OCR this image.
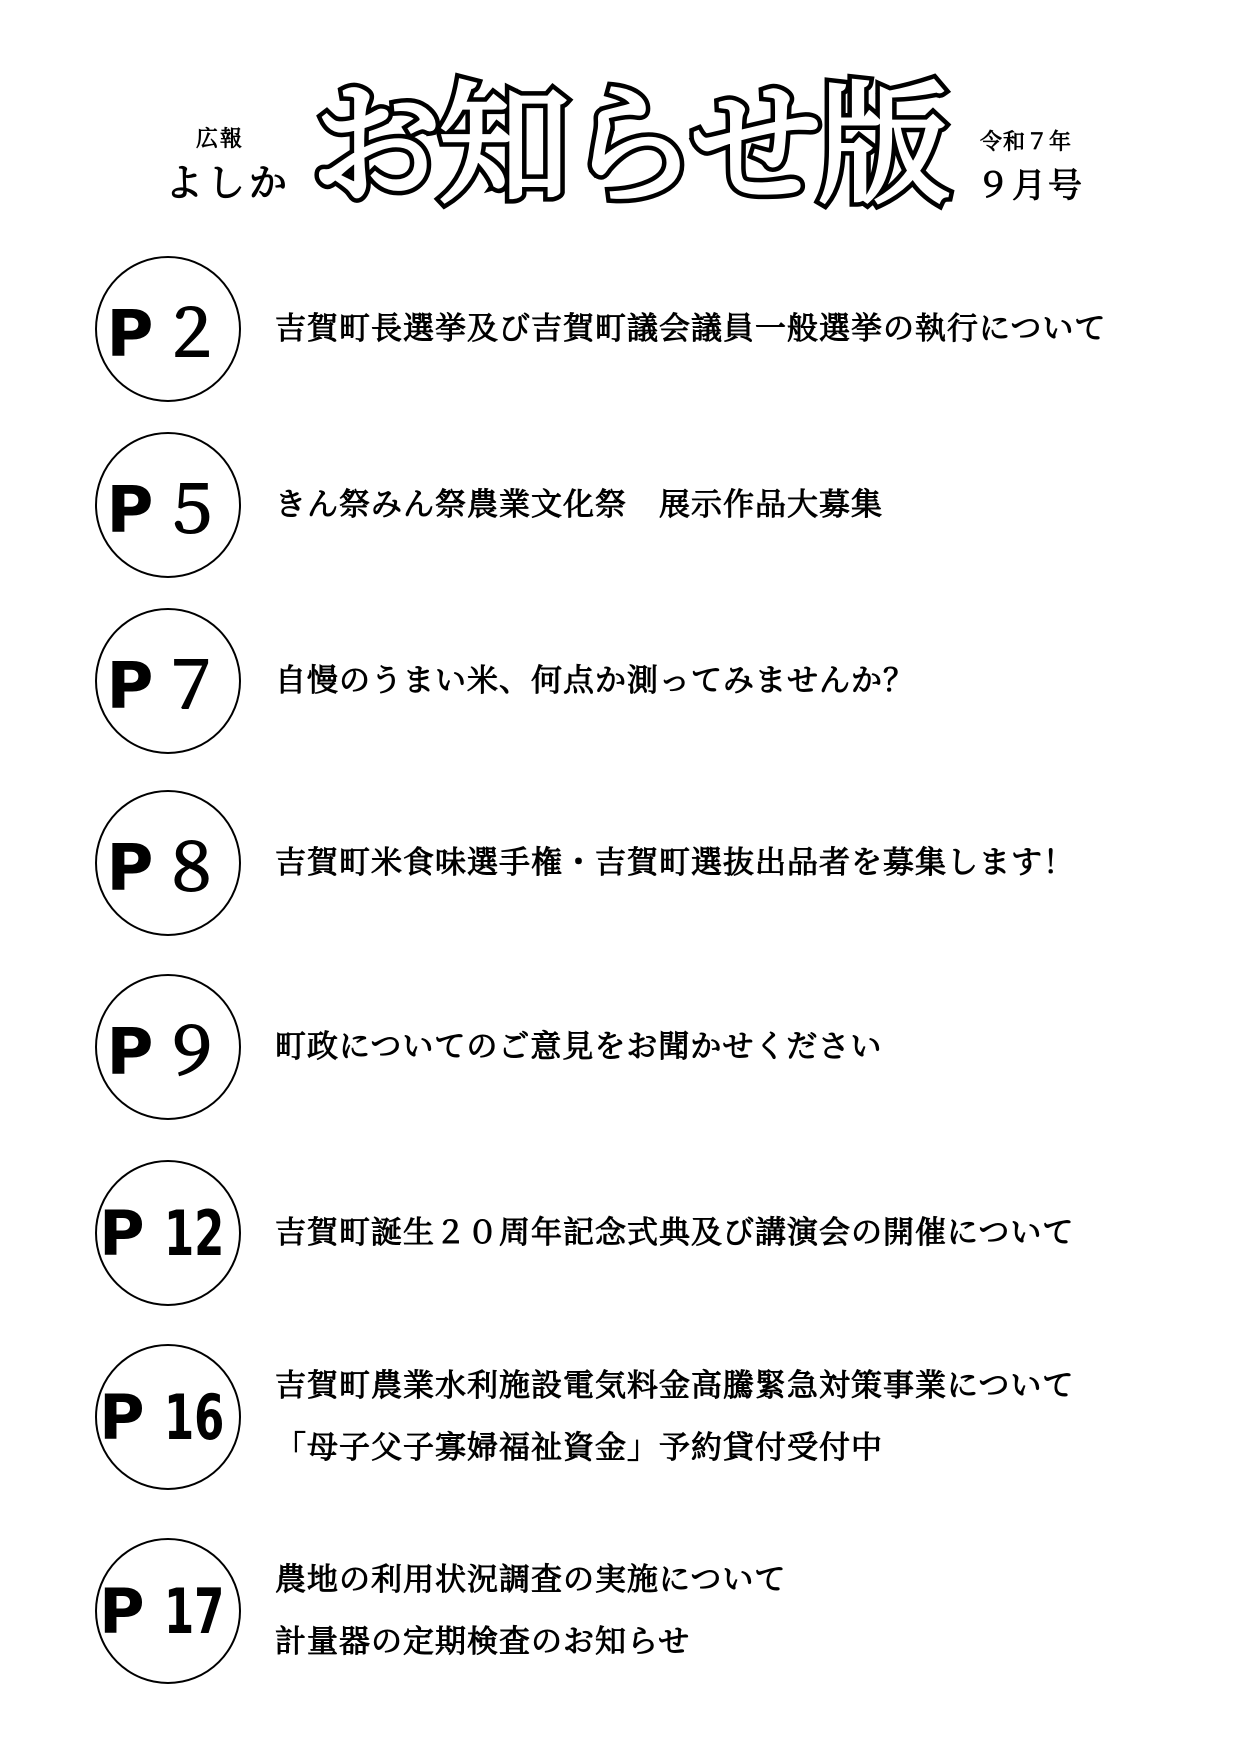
広報
よしか お知らせ版 令和７年
９月号
P２	吉賀町長選挙及び吉賀町議会議員一般選挙の執行について
P５	きん祭みん祭農業文化祭　展示作品大募集
P７	自慢のうまい米、何点か測ってみませんか？
P８	吉賀町米食味選手権・吉賀町選抜出品者を募集します！
P９	町政についてのご意見をお聞かせください
P 12 吉賀町誕生２０周年記念式典及び講演会の開催について
P 16 吉賀町農業水利施設電気料金高騰緊急対策事業について
「母子父子寡婦福祉資金」予約貸付受付中
P 17 農地の利用状況調査の実施について
計量器の定期検査のお知らせ
